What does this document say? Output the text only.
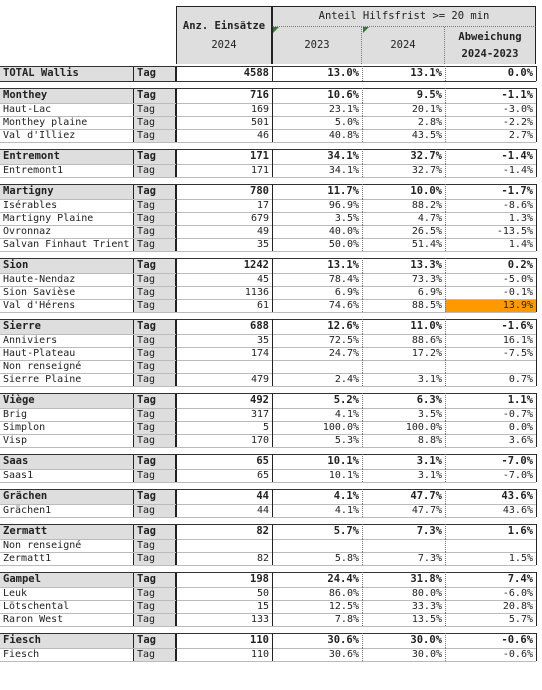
Anz. Einsätze
2024
Anteil Hilfsfrist >= 20 min
2023	2024
Abweichung
2024-2023
TOTAL Wallis	Tag	4588	13.0%	13.1%	0.0%
Monthey	Tag	716	10.6%	9.5%	-1.1%
Haut-Lac	Tag	169	23.1%	20.1%	-3.0%
Monthey plaine	Tag	501	5.0%	2.8%	-2.2%
Val d'Illiez	Tag	46	40.8%	43.5%	2.7%
Entremont	Tag	171	34.1%	32.7%	-1.4%
Entremont1	Tag	171	34.1%	32.7%	-1.4%
Martigny	Tag	780	11.7%	10.0%	-1.7%
Isérables	Tag	17	96.9%	88.2%	-8.6%
Martigny Plaine	Tag	679	3.5%	4.7%	1.3%
Ovronnaz	Tag	49	40.0%	26.5%	-13.5%
Salvan Finhaut Trient Tag	35	50.0%	51.4%	1.4%
Sion	Tag	1242	13.1%	13.3%	0.2%
Haute-Nendaz	Tag	45	78.4%	73.3%	-5.0%
Sion Savièse	Tag	1136	6.9%	6.9%	-0.1%
Val d'Hérens	Tag	61	74.6%	88.5%	13.9%
Sierre	Tag	688	12.6%	11.0%	-1.6%
Anniviers	Tag	35	72.5%	88.6%	16.1%
Haut-Plateau	Tag	174	24.7%	17.2%	-7.5%
Non renseigné	Tag
Sierre Plaine	Tag	479	2.4%	3.1%	0.7%
Viège	Tag	492	5.2%	6.3%	1.1%
Brig	Tag	317	4.1%	3.5%	-0.7%
Simplon	Tag	5	100.0%	100.0%	0.0%
Visp	Tag	170	5.3%	8.8%	3.6%
Saas	Tag	65	10.1%	3.1%	-7.0%
Saas1	Tag	65	10.1%	3.1%	-7.0%
Grächen	Tag	44	4.1%	47.7%	43.6%
Grächen1	Tag	44	4.1%	47.7%	43.6%
Zermatt	Tag	82	5.7%	7.3%	1.6%
Non renseigné	Tag
Zermatt1	Tag	82	5.8%	7.3%	1.5%
Gampel	Tag	198	24.4%	31.8%	7.4%
Leuk	Tag	50	86.0%	80.0%	-6.0%
Lötschental	Tag	15	12.5%	33.3%	20.8%
Raron West	Tag	133	7.8%	13.5%	5.7%
Fiesch	Tag	110	30.6%	30.0%	-0.6%
Fiesch	Tag	110	30.6%	30.0%	-0.6%
